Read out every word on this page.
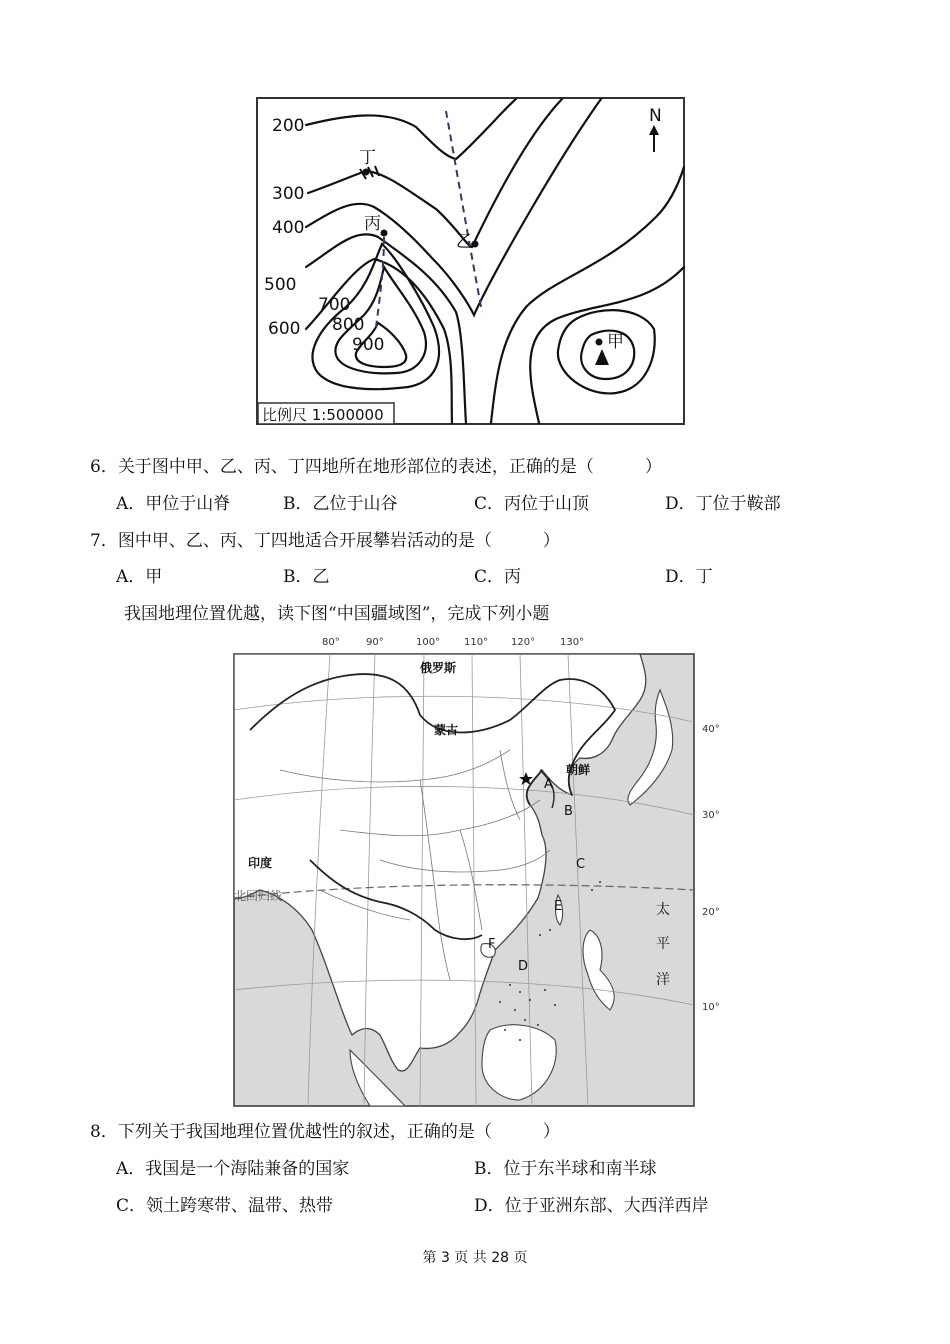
N
200
300
400
500
600
700
800
900
丁
丙
乙
甲
比例尺 1:500000
6．关于图中甲、乙、丙、丁四地所在地形部位的表述，正确的是（　　　）
A．甲位于山脊	B．乙位于山谷	C．丙位于山顶	D．丁位于鞍部
7．图中甲、乙、丙、丁四地适合开展攀岩活动的是（　　　）
A．甲	B．乙	C．丙	D．丁
我国地理位置优越，读下图“中国疆域图”，完成下列小题
80°	90°	100° 110° 120° 130°
40°
30°
20°
10°
俄罗斯
蒙古
朝鲜
印度
北回归线
太
平
洋
A
B
C
E
F
D
8．下列关于我国地理位置优越性的叙述，正确的是（　　　）
A．我国是一个海陆兼备的国家	B．位于东半球和南半球
C．领土跨寒带、温带、热带	D．位于亚洲东部、大西洋西岸
第 3 页 共 28 页
